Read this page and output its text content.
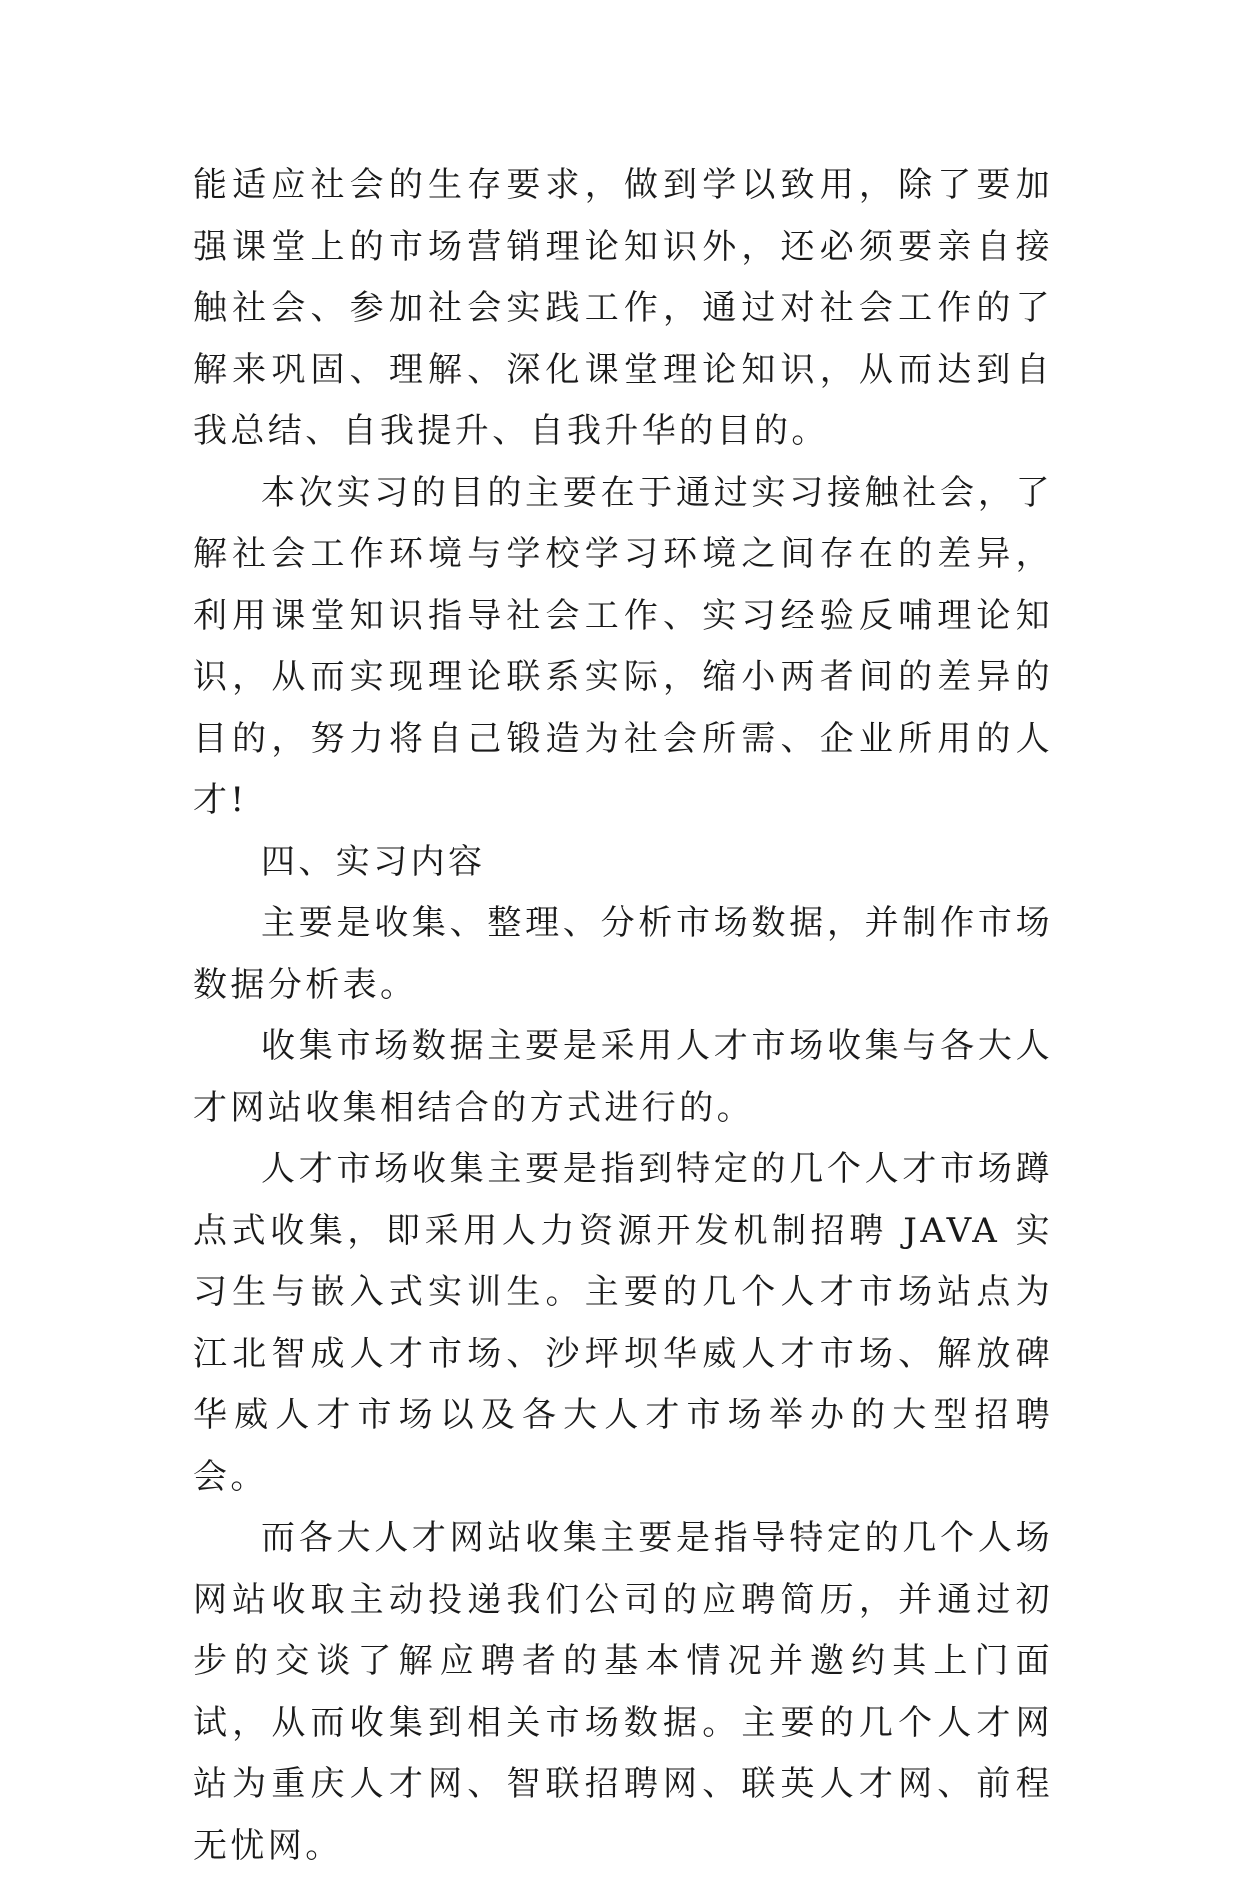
能适应社会的生存要求，做到学以致用，除了要加强课堂上的市场营销理论知识外，还必须要亲自接触社会、参加社会实践工作，通过对社会工作的了解来巩固、理解、深化课堂理论知识，从而达到自我总结、自我提升、自我升华的目的。

本次实习的目的主要在于通过实习接触社会，了解社会工作环境与学校学习环境之间存在的差异，利用课堂知识指导社会工作、实习经验反哺理论知识，从而实现理论联系实际，缩小两者间的差异的目的，努力将自己锻造为社会所需、企业所用的人才!

四、实习内容

主要是收集、整理、分析市场数据，并制作市场数据分析表。

收集市场数据主要是采用人才市场收集与各大人才网站收集相结合的方式进行的。

人才市场收集主要是指到特定的几个人才市场蹲点式收集，即采用人力资源开发机制招聘 JAVA 实习生与嵌入式实训生。主要的几个人才市场站点为江北智成人才市场、沙坪坝华威人才市场、解放碑华威人才市场以及各大人才市场举办的大型招聘会。

而各大人才网站收集主要是指导特定的几个人场网站收取主动投递我们公司的应聘简历，并通过初步的交谈了解应聘者的基本情况并邀约其上门面试，从而收集到相关市场数据。主要的几个人才网站为重庆人才网、智联招聘网、联英人才网、前程无忧网。
